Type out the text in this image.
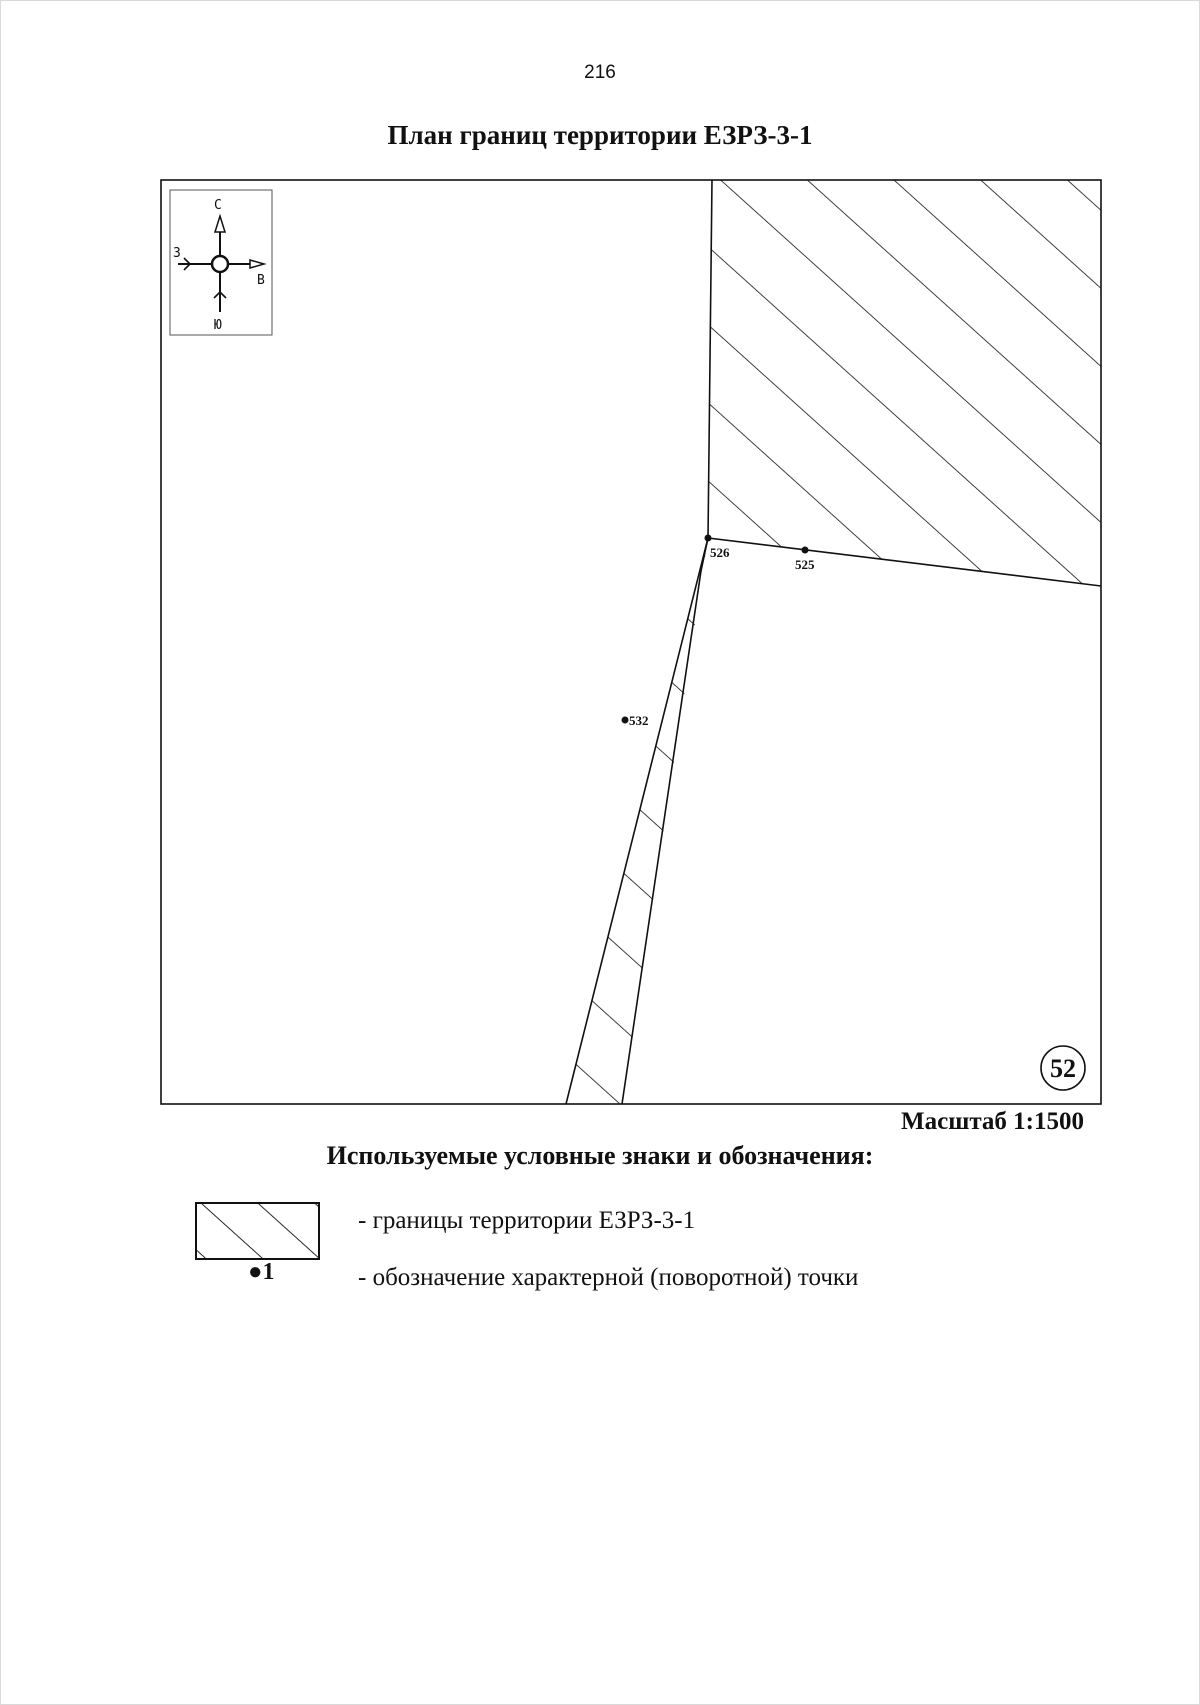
216
План границ территории ЕЗРЗ-3-1
526
525
532
С
З
В
Ю
52
Масштаб 1:1500
Используемые условные знаки и обозначения:
- границы территории ЕЗРЗ-3-1
●1	- обозначение характерной (поворотной) точки
